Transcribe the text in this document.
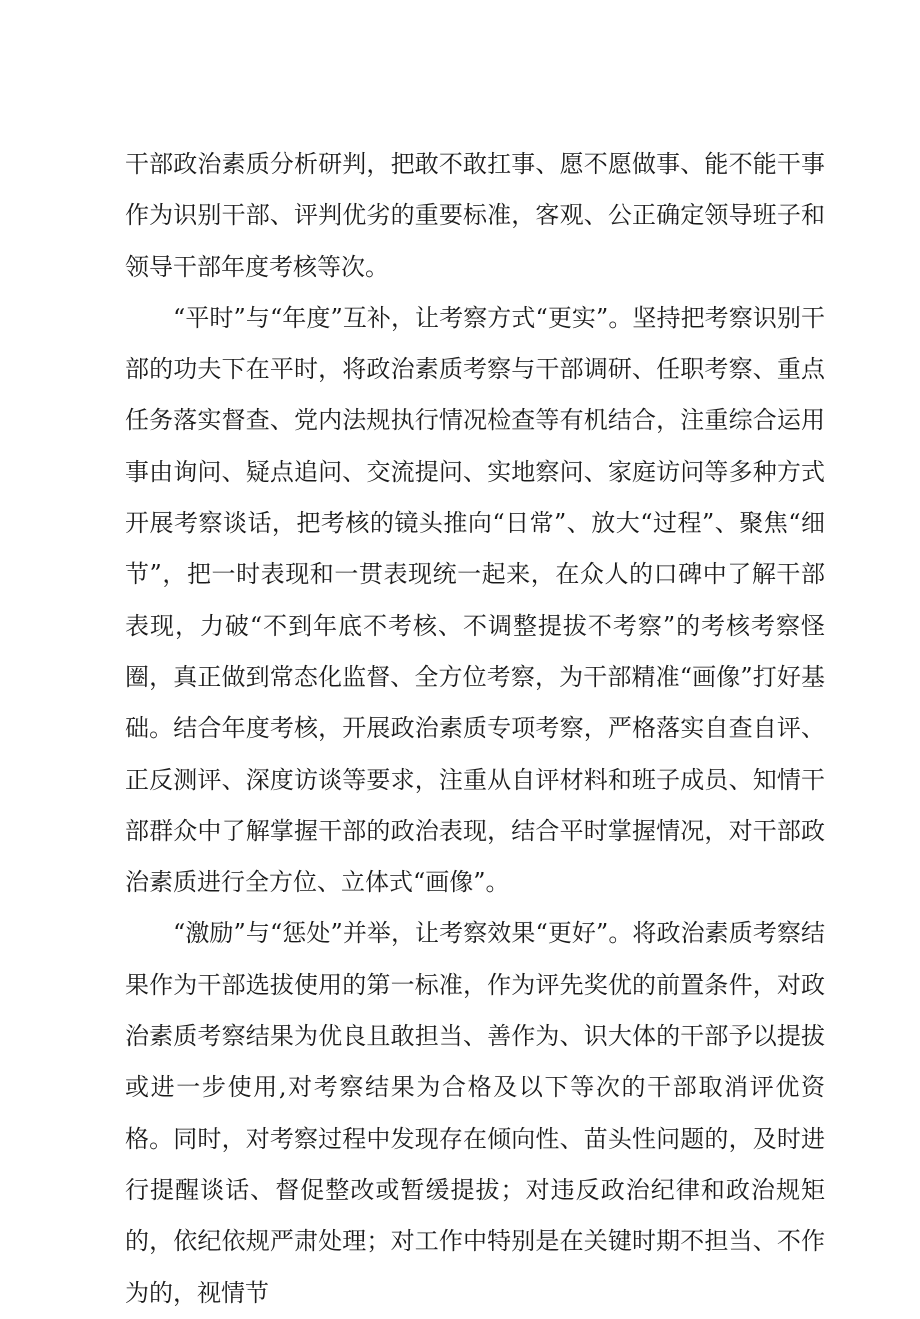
干部政治素质分析研判，把敢不敢扛事、愿不愿做事、能不能干事作为识别干部、评判优劣的重要标准，客观、公正确定领导班子和领导干部年度考核等次。

“平时”与“年度”互补，让考察方式“更实”。坚持把考察识别干部的功夫下在平时，将政治素质考察与干部调研、任职考察、重点任务落实督查、党内法规执行情况检查等有机结合，注重综合运用事由询问、疑点追问、交流提问、实地察问、家庭访问等多种方式开展考察谈话，把考核的镜头推向“日常”、放大“过程”、聚焦“细节”，把一时表现和一贯表现统一起来，在众人的口碑中了解干部表现，力破“不到年底不考核、不调整提拔不考察”的考核考察怪圈，真正做到常态化监督、全方位考察，为干部精准“画像”打好基础。结合年度考核，开展政治素质专项考察，严格落实自查自评、正反测评、深度访谈等要求，注重从自评材料和班子成员、知情干部群众中了解掌握干部的政治表现，结合平时掌握情况，对干部政治素质进行全方位、立体式“画像”。

“激励”与“惩处”并举，让考察效果“更好”。将政治素质考察结果作为干部选拔使用的第一标准，作为评先奖优的前置条件，对政治素质考察结果为优良且敢担当、善作为、识大体的干部予以提拔或进一步使用,对考察结果为合格及以下等次的干部取消评优资格。同时，对考察过程中发现存在倾向性、苗头性问题的，及时进行提醒谈话、督促整改或暂缓提拔；对违反政治纪律和政治规矩的，依纪依规严肃处理；对工作中特别是在关键时期不担当、不作为的，视情节
